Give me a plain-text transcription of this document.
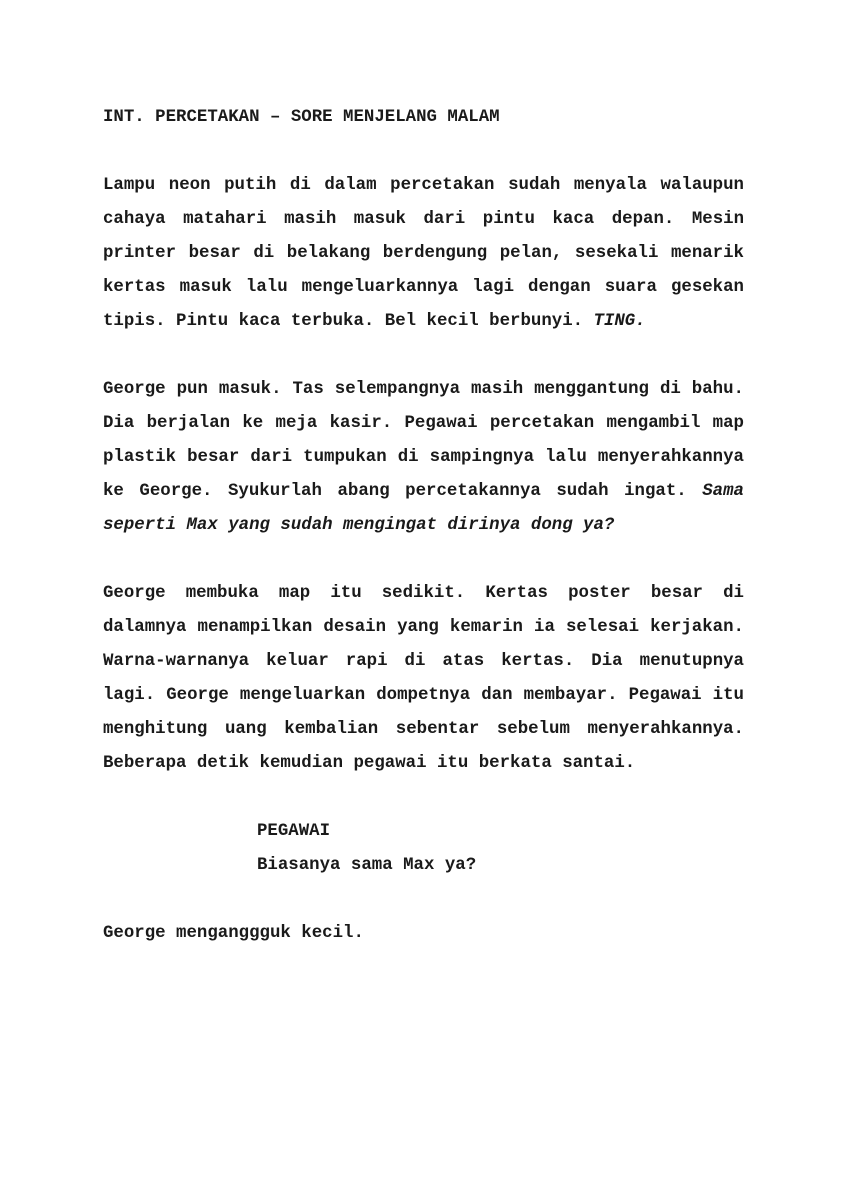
INT. PERCETAKAN – SORE MENJELANG MALAM
Lampu neon putih di dalam percetakan sudah menyala walaupun cahaya matahari masih masuk dari pintu kaca depan. Mesin printer besar di belakang berdengung pelan, sesekali menarik kertas masuk lalu mengeluarkannya lagi dengan suara gesekan tipis. Pintu kaca terbuka. Bel kecil berbunyi. TING.
George pun masuk. Tas selempangnya masih menggantung di bahu. Dia berjalan ke meja kasir. Pegawai percetakan mengambil map plastik besar dari tumpukan di sampingnya lalu menyerahkannya ke George. Syukurlah abang percetakannya sudah ingat. Sama seperti Max yang sudah mengingat dirinya dong ya?
George membuka map itu sedikit. Kertas poster besar di dalamnya menampilkan desain yang kemarin ia selesai kerjakan. Warna-warnanya keluar rapi di atas kertas. Dia menutupnya lagi. George mengeluarkan dompetnya dan membayar. Pegawai itu menghitung uang kembalian sebentar sebelum menyerahkannya. Beberapa detik kemudian pegawai itu berkata santai.
PEGAWAI
Biasanya sama Max ya?
George menganggguk kecil.
